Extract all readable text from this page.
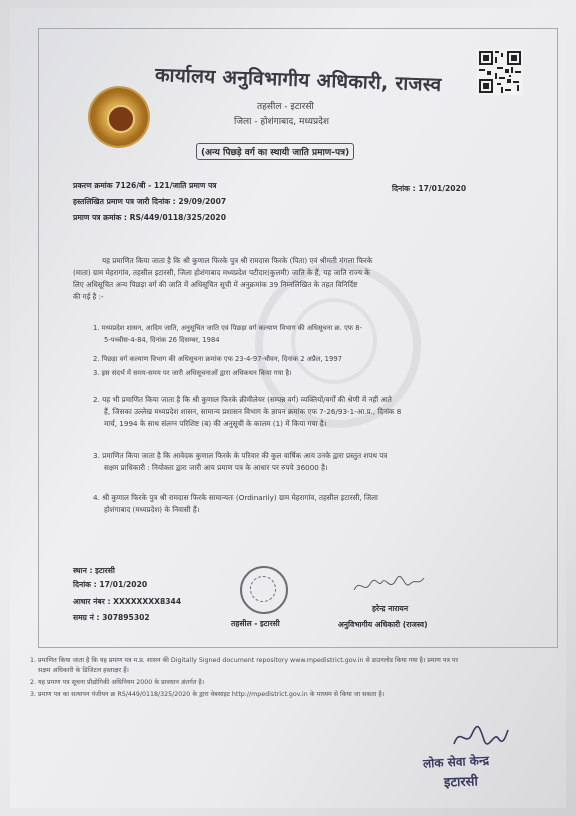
कार्यालय अनुविभागीय अधिकारी, राजस्व
तहसील - इटारसी
जिला - होशंगाबाद, मध्यप्रदेश
(अन्य पिछड़े वर्ग का स्थायी जाति प्रमाण-पत्र)
प्रकरण क्रमांक 7126/बी - 121/जाति प्रमाण पत्र	दिनांक : 17/01/2020
हस्तलिखित प्रमाण पत्र जारी दिनांक : 29/09/2007
प्रमाण पत्र क्रमांक : RS/449/0118/325/2020
यह प्रमाणित किया जाता है कि श्री कुणाल फिरके पुत्र श्री रामदास फिरके (पिता) एवं श्रीमती मंगला फिरके
(माता) ग्राम मेहरागांव, तहसील इटारसी, जिला होशंगाबाद मध्यप्रदेश पटीदार(कुलमी) जाति के हैं, यह जाति राज्य के
लिए अधिसूचित अन्य पिछड़ा वर्ग की जाति में अधिसूचित सूची में अनुक्रमांक 39 निम्नलिखित के तहत विनिर्दिष्ट
की गई है :-
1. मध्यप्रदेश शासन, आदिम जाति, अनुसूचित जाति एवं पिछड़ा वर्ग कल्याण विभाग की अधिसूचना क्र. एफ 8-
5-पच्चीस-4-84, दिनांक 26 दिसम्बर, 1984
2. पिछड़ा वर्ग कल्याण विभाग की अधिसूचना क्रमांक एफ 23-4-97-चौवन, दिनांक 2 अप्रैल, 1997
3. इस संदर्भ में समय-समय पर जारी अधिसूचनाओं द्वारा अधिकथन किया गया है।
2. यह भी प्रमाणित किया जाता है कि श्री कुणाल फिरके क्रीमीलेयर (सम्पन्न वर्ग) व्यक्तियों/वर्गों की श्रेणी में नहीं आते
हैं, जिसका उल्लेख मध्यप्रदेश शासन, सामान्य प्रशासन विभाग के ज्ञापन क्रमांक एफ 7-26/93-1-आ.प्र., दिनांक 8
मार्च, 1994 के साथ संलग्न परिशिष्ट (ब) की अनुसूची के कालम (1) में किया गया है।
3. प्रमाणित किया जाता है कि आवेदक कुणाल फिरके के परिवार की कुल वार्षिक आय उनके द्वारा प्रस्तुत शपथ पत्र
सक्षम प्राधिकारी : नियोक्ता द्वारा जारी आय प्रमाण पत्र के आधार पर रुपये 36000 है।
4. श्री कुणाल फिरके पुत्र श्री रामदास फिरके सामान्यतः (Ordinarily) ग्राम मेहरागांव, तहसील इटारसी, जिला
होशंगाबाद (मध्यप्रदेश) के निवासी हैं।
स्थान : इटारसी
दिनांक : 17/01/2020
आधार नंबर : XXXXXXXX8344
समग्र नं : 307895302
तहसील - इटारसी
हरेन्द्र नारायन
अनुविभागीय अधिकारी (राजस्व)
1. प्रमाणित किया जाता है कि यह प्रमाण पत्र म.प्र. शासन की Digitally Signed document repository www.mpedistrict.gov.in से डाउनलोड किया गया है। प्रमाण पत्र पर
सक्षम अधिकारी के डिजिटल हस्ताक्षर हैं।
2. यह प्रमाण पत्र सूचना प्रौद्योगिकी अधिनियम 2000 के प्रावधान अंतर्गत है।
3. प्रमाण पत्र का सत्यापन पंजीयन क्र RS/449/0118/325/2020 के द्वारा वेबसाइट http://mpedistrict.gov.in के माध्यम से किया जा सकता है।
लोक सेवा केन्द्र
इटारसी
